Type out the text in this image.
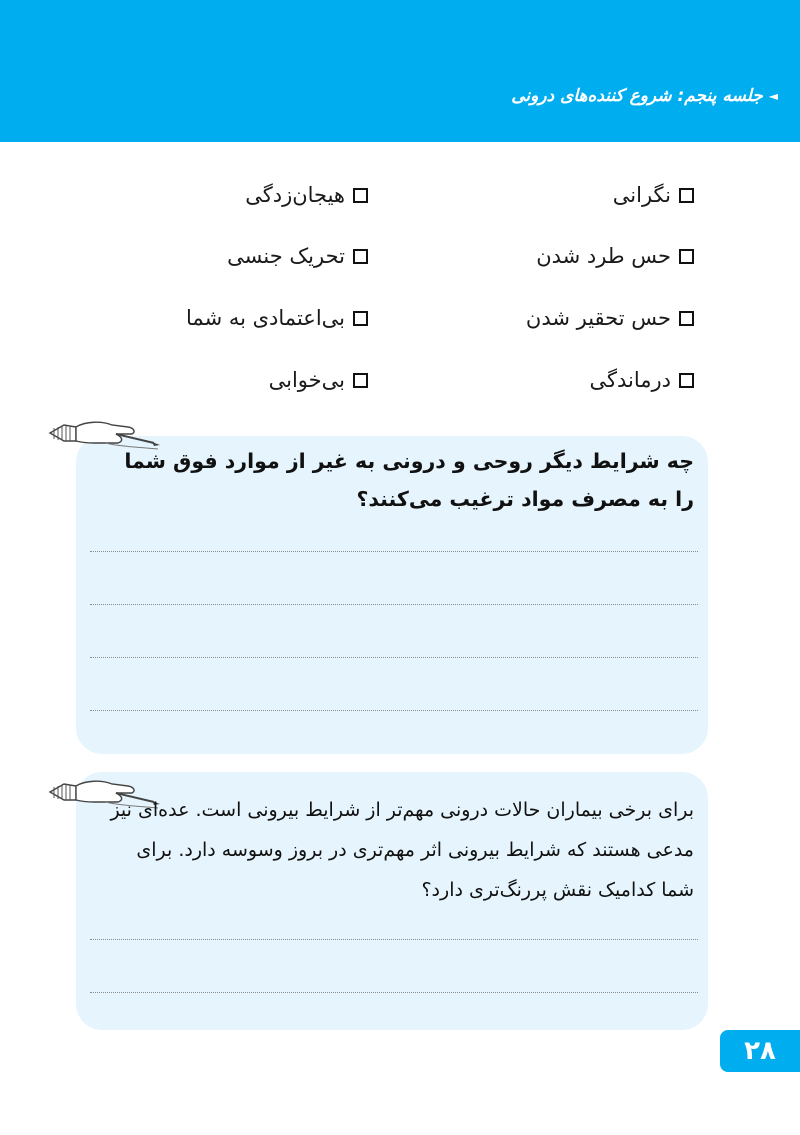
◄جلسه پنجم: شروع کننده‌های درونی
نگرانی
حس طرد شدن
حس تحقیر شدن
درماندگی
هیجان‌زدگی
تحریک جنسی
بی‌اعتمادی به شما
بی‌خوابی
چه شرایط دیگر روحی و درونی به غیر از موارد فوق شما را به مصرف مواد ترغیب می‌کنند؟
برای برخی بیماران حالات درونی مهم‌تر از شرایط بیرونی است. عده‌ای نیز مدعی هستند که شرایط بیرونی اثر مهم‌تری در بروز وسوسه دارد. برای شما کدامیک نقش پررنگ‌تری دارد؟
۲۸
